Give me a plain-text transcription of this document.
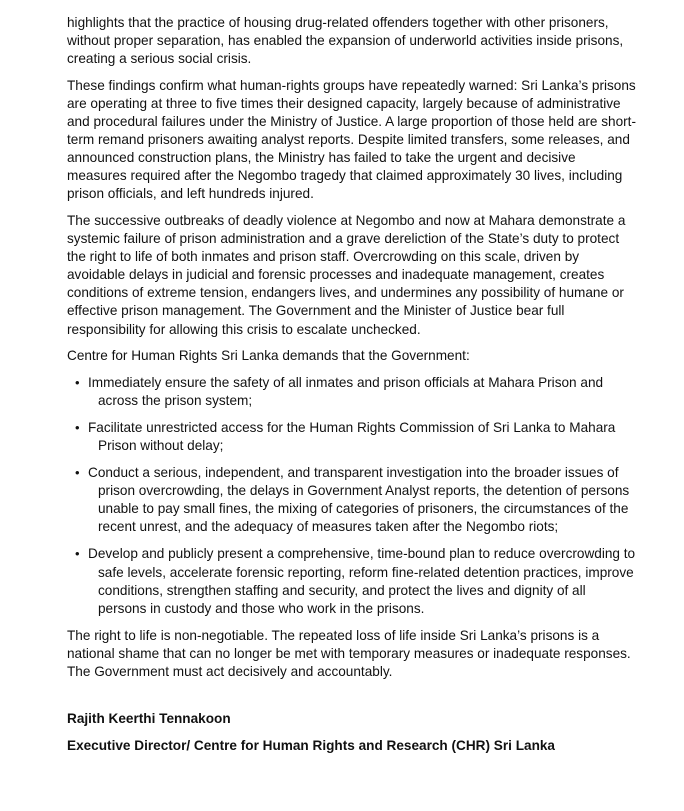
highlights that the practice of housing drug-related offenders together with other prisoners, without proper separation, has enabled the expansion of underworld activities inside prisons, creating a serious social crisis.

These findings confirm what human-rights groups have repeatedly warned: Sri Lanka’s prisons are operating at three to five times their designed capacity, largely because of administrative and procedural failures under the Ministry of Justice. A large proportion of those held are short-term remand prisoners awaiting analyst reports. Despite limited transfers, some releases, and announced construction plans, the Ministry has failed to take the urgent and decisive measures required after the Negombo tragedy that claimed approximately 30 lives, including prison officials, and left hundreds injured.

The successive outbreaks of deadly violence at Negombo and now at Mahara demonstrate a systemic failure of prison administration and a grave dereliction of the State’s duty to protect the right to life of both inmates and prison staff. Overcrowding on this scale, driven by avoidable delays in judicial and forensic processes and inadequate management, creates conditions of extreme tension, endangers lives, and undermines any possibility of humane or effective prison management. The Government and the Minister of Justice bear full responsibility for allowing this crisis to escalate unchecked.

Centre for Human Rights Sri Lanka demands that the Government:

• Immediately ensure the safety of all inmates and prison officials at Mahara Prison and across the prison system;
• Facilitate unrestricted access for the Human Rights Commission of Sri Lanka to Mahara Prison without delay;
• Conduct a serious, independent, and transparent investigation into the broader issues of prison overcrowding, the delays in Government Analyst reports, the detention of persons unable to pay small fines, the mixing of categories of prisoners, the circumstances of the recent unrest, and the adequacy of measures taken after the Negombo riots;
• Develop and publicly present a comprehensive, time-bound plan to reduce overcrowding to safe levels, accelerate forensic reporting, reform fine-related detention practices, improve conditions, strengthen staffing and security, and protect the lives and dignity of all persons in custody and those who work in the prisons.

The right to life is non-negotiable. The repeated loss of life inside Sri Lanka’s prisons is a national shame that can no longer be met with temporary measures or inadequate responses. The Government must act decisively and accountably.

Rajith Keerthi Tennakoon

Executive Director/ Centre for Human Rights and Research (CHR) Sri Lanka
